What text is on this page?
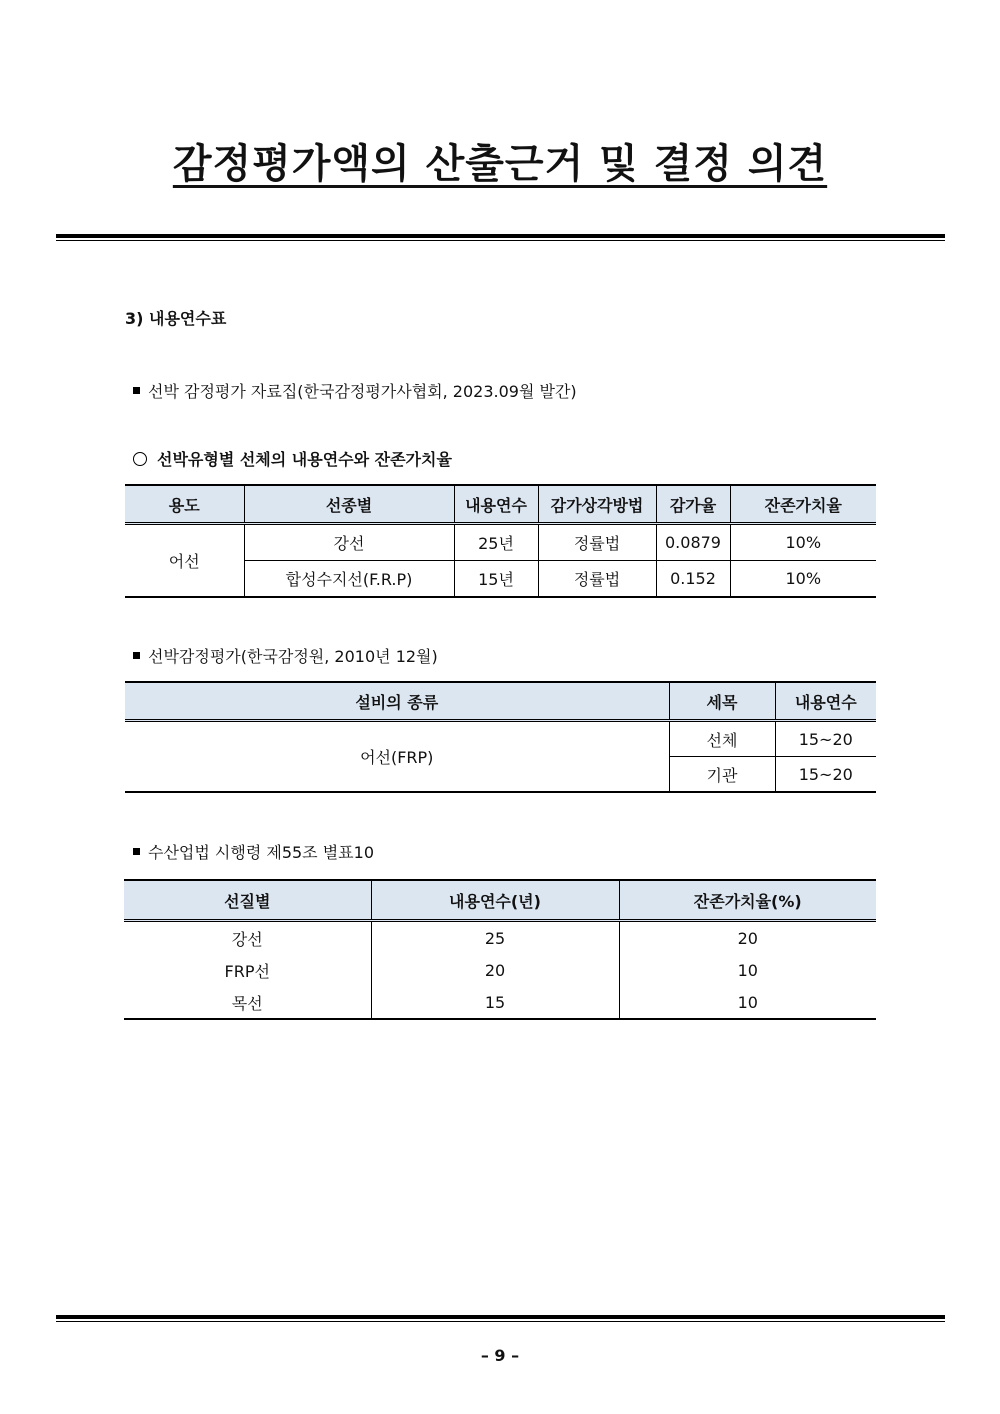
감정평가액의 산출근거 및 결정 의견
3) 내용연수표
선박 감정평가 자료집(한국감정평가사협회, 2023.09월 발간)
선박유형별 선체의 내용연수와 잔존가치율
용도	선종별	내용연수	감가상각방법	감가율	잔존가치율
어선	강선	25년	정률법	0.0879	10%
	합성수지선(F.R.P)	15년	정률법	0.152	10%
선박감정평가(한국감정원, 2010년 12월)
설비의 종류	세목	내용연수
어선(FRP)	선체	15~20
	기관	15~20
수산업법 시행령 제55조 별표10
선질별	내용연수(년)	잔존가치율(%)
강선	25	20
FRP선	20	10
목선	15	10
– 9 –
